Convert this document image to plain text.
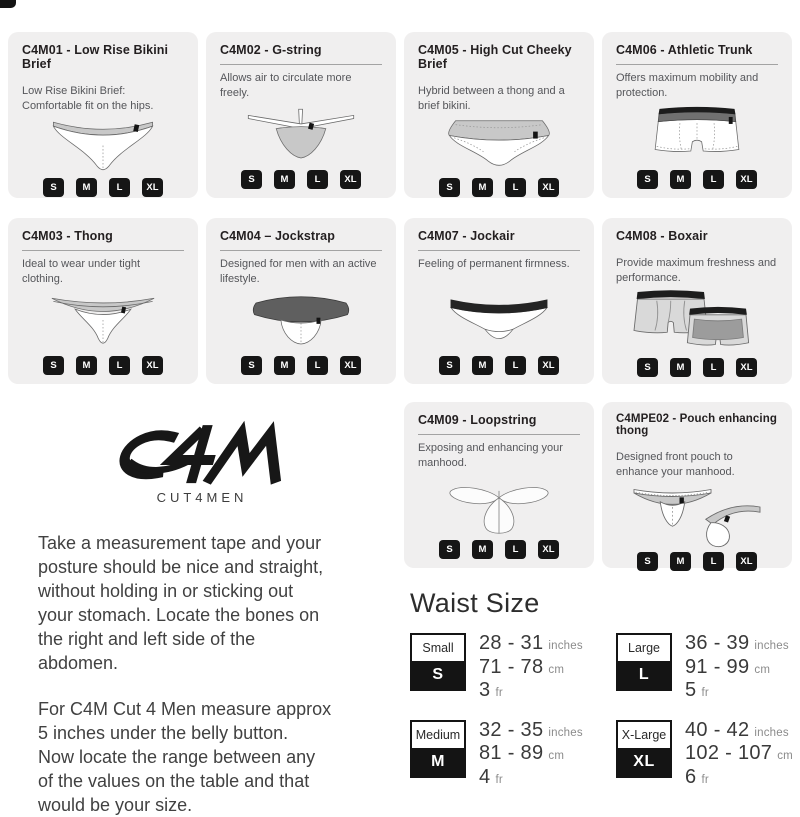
C4M01 - Low Rise Bikini Brief
Low Rise Bikini Brief: Comfortable fit on the hips.
S	M	L	XL
C4M02 - G-string
Allows air to circulate more freely.
S	M	L	XL
C4M05 - High Cut Cheeky Brief
Hybrid between a thong and a brief bikini.
S	M	L	XL
C4M06 - Athletic Trunk
Offers maximum mobility and protection.
S	M	L	XL
C4M03 - Thong
Ideal to wear under tight clothing.
S	M	L	XL
C4M04 – Jockstrap
Designed for men with an active lifestyle.
S	M	L	XL
C4M07 - Jockair
Feeling of permanent firmness.
S	M	L	XL
C4M08 - Boxair
Provide maximum freshness and performance.
S	M	L	XL
CUT4MEN
Take a measurement tape and your
posture should be nice and straight,
without holding in or sticking out
your stomach. Locate the bones on
the right and left side of the
abdomen.
For C4M Cut 4 Men measure approx
5 inches under the belly button.
Now locate the range between any
of the values on the table and that
would be your size.
C4M09 - Loopstring
Exposing and enhancing your manhood.
S	M	L	XL
C4MPE02 - Pouch enhancing thong
Designed front pouch to enhance your manhood.
S	M	L	XL
Waist Size
Small
S
28 - 31 inches
71 - 78 cm
3 fr
Large
L
36 - 39 inches
91 - 99 cm
5 fr
Medium
M
32 - 35 inches
81 - 89 cm
4 fr
X-Large
XL
40 - 42 inches
102 - 107 cm
6 fr
